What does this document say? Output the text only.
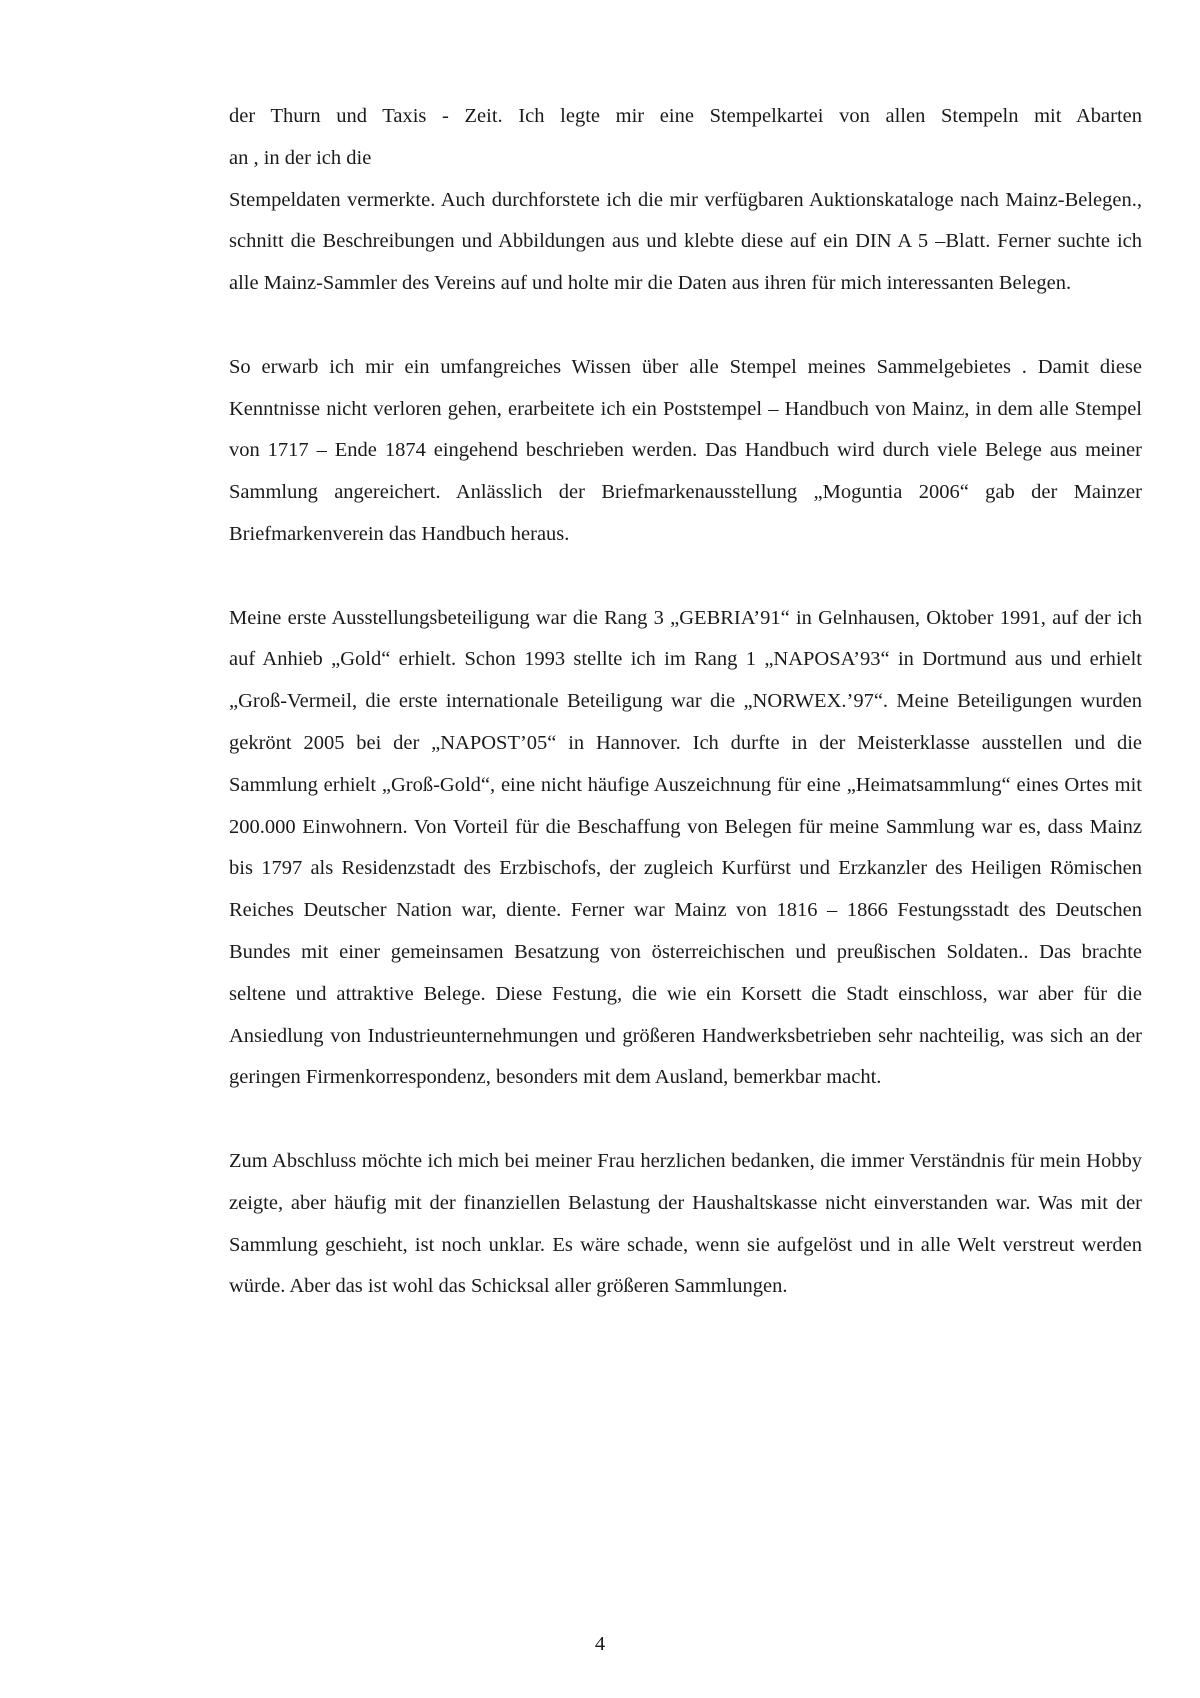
der Thurn und Taxis - Zeit. Ich legte mir eine Stempelkartei von allen Stempeln mit Abarten
an , in der ich die

Stempeldaten vermerkte. Auch durchforstete ich die mir verfügbaren Auktionskataloge nach Mainz-Belegen., schnitt die Beschreibungen und Abbildungen aus und klebte diese auf ein DIN A 5 –Blatt. Ferner suchte ich alle Mainz-Sammler des Vereins auf und holte mir die Daten aus ihren für mich interessanten Belegen.

So erwarb ich mir ein umfangreiches Wissen über alle Stempel meines Sammelgebietes . Damit diese Kenntnisse nicht verloren gehen, erarbeitete ich ein Poststempel – Handbuch von Mainz, in dem alle Stempel von 1717 – Ende 1874 eingehend beschrieben werden. Das Handbuch wird durch viele Belege aus meiner Sammlung angereichert. Anlässlich der Briefmarkenausstellung „Moguntia 2006“ gab der Mainzer Briefmarkenverein das Handbuch heraus.

Meine erste Ausstellungsbeteiligung war die Rang 3 „GEBRIA’91“ in Gelnhausen, Oktober 1991, auf der ich auf Anhieb „Gold“ erhielt. Schon 1993 stellte ich im Rang 1 „NAPOSA’93“ in Dortmund aus und erhielt „Groß-Vermeil, die erste internationale Beteiligung war die „NORWEX.’97“. Meine Beteiligungen wurden gekrönt 2005 bei der „NAPOST’05“ in Hannover. Ich durfte in der Meisterklasse ausstellen und die Sammlung erhielt „Groß-Gold“, eine nicht häufige Auszeichnung für eine „Heimatsammlung“ eines Ortes mit 200.000 Einwohnern. Von Vorteil für die Beschaffung von Belegen für meine Sammlung war es, dass Mainz bis 1797 als Residenzstadt des Erzbischofs, der zugleich Kurfürst und Erzkanzler des Heiligen Römischen Reiches Deutscher Nation war, diente. Ferner war Mainz von 1816 – 1866 Festungsstadt des Deutschen Bundes mit einer gemeinsamen Besatzung von österreichischen und preußischen Soldaten.. Das brachte seltene und attraktive Belege. Diese Festung, die wie ein Korsett die Stadt einschloss, war aber für die Ansiedlung von Industrieunternehmungen und größeren Handwerksbetrieben sehr nachteilig, was sich an der geringen Firmenkorrespondenz, besonders mit dem Ausland, bemerkbar macht.

Zum Abschluss möchte ich mich bei meiner Frau herzlichen bedanken, die immer Verständnis für mein Hobby zeigte, aber häufig mit der finanziellen Belastung der Haushaltskasse nicht einverstanden war. Was mit der Sammlung geschieht, ist noch unklar. Es wäre schade, wenn sie aufgelöst und in alle Welt verstreut werden würde. Aber das ist wohl das Schicksal aller größeren Sammlungen.

4
